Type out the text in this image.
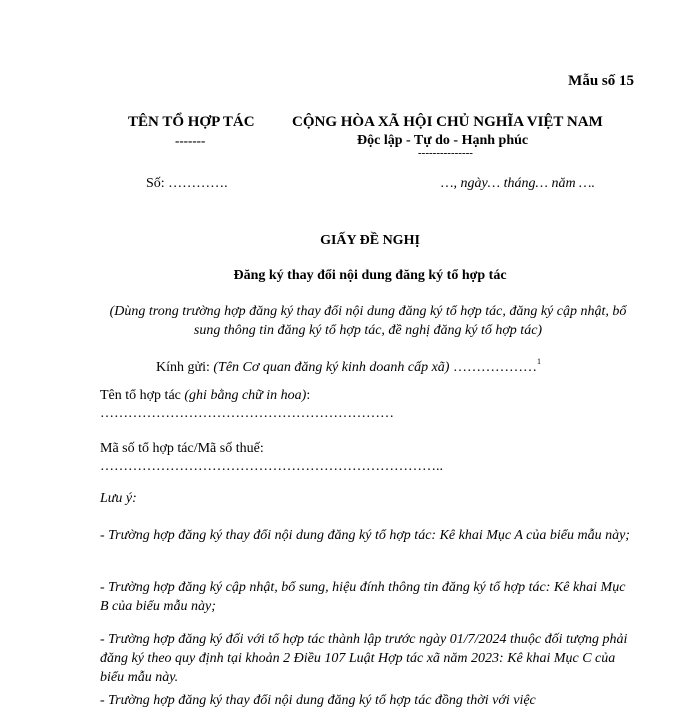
Mẫu số 15
TÊN TỔ HỢP TÁC
-------
CỘNG HÒA XÃ HỘI CHỦ NGHĨA VIỆT NAM
Độc lập - Tự do - Hạnh phúc
---------------
Số: ………….	…, ngày… tháng… năm ….
GIẤY ĐỀ NGHỊ
Đăng ký thay đổi nội dung đăng ký tổ hợp tác
(Dùng trong trường hợp đăng ký thay đổi nội dung đăng ký tổ hợp tác, đăng ký cập nhật, bổ sung thông tin đăng ký tổ hợp tác, đề nghị đăng ký tổ hợp tác)
Kính gửi: (Tên Cơ quan đăng ký kinh doanh cấp xã) ………………$^1$
Tên tổ hợp tác (ghi bằng chữ in hoa):
………………………………………………………
Mã số tổ hợp tác/Mã số thuế:
………………………………………………………………..
Lưu ý:
- Trường hợp đăng ký thay đổi nội dung đăng ký tổ hợp tác: Kê khai Mục A của biểu mẫu này;
- Trường hợp đăng ký cập nhật, bổ sung, hiệu đính thông tin đăng ký tổ hợp tác: Kê khai Mục B của biểu mẫu này;
- Trường hợp đăng ký đối với tổ hợp tác thành lập trước ngày 01/7/2024 thuộc đối tượng phải đăng ký theo quy định tại khoản 2 Điều 107 Luật Hợp tác xã năm 2023: Kê khai Mục C của biểu mẫu này.
- Trường hợp đăng ký thay đổi nội dung đăng ký tổ hợp tác đồng thời với việc
